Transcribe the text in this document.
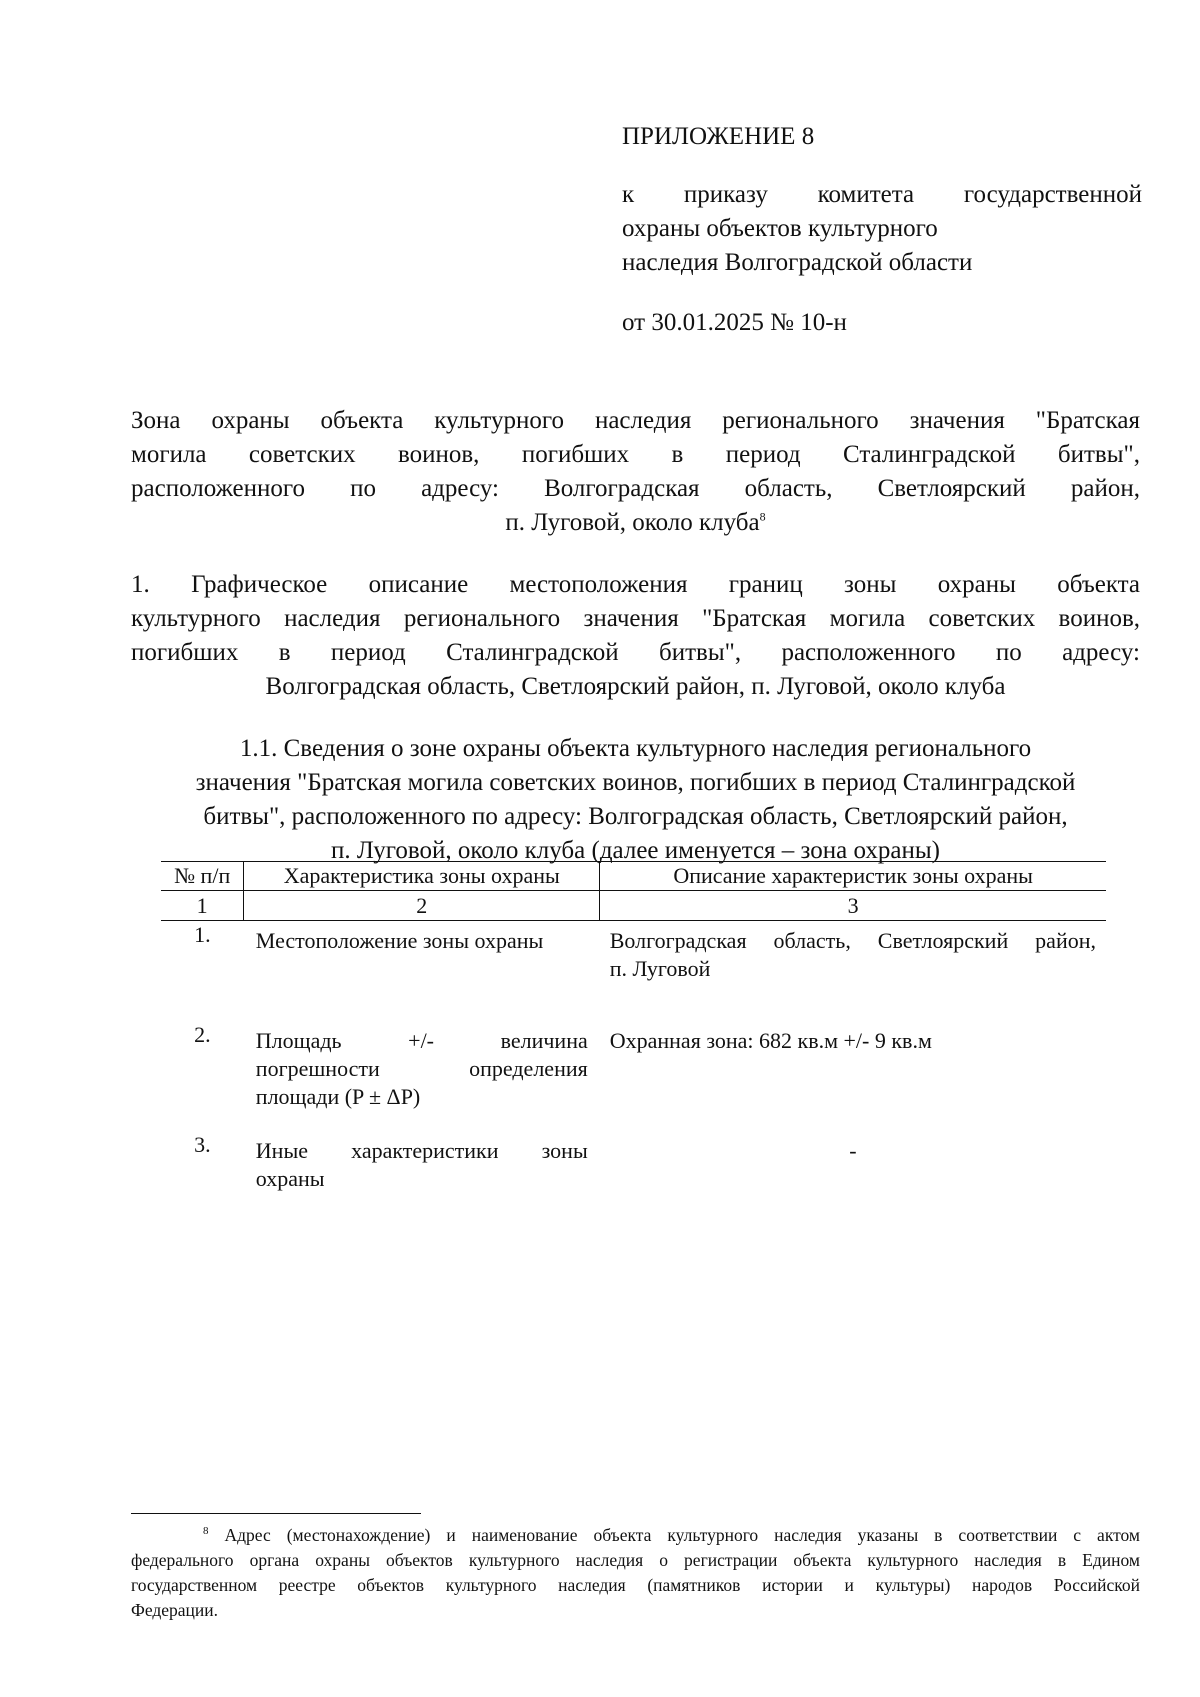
ПРИЛОЖЕНИЕ 8
к приказу комитета государственной
охраны объектов культурного
наследия Волгоградской области
от 30.01.2025 № 10-н
Зона охраны объекта культурного наследия регионального значения "Братская
могила советских воинов, погибших в период Сталинградской битвы",
расположенного по адресу: Волгоградская область, Светлоярский район,
п. Луговой, около клуба$^8$
1. Графическое описание местоположения границ зоны охраны объекта
культурного наследия регионального значения "Братская могила советских воинов,
погибших в период Сталинградской битвы", расположенного по адресу:
Волгоградская область, Светлоярский район, п. Луговой, около клуба
1.1. Сведения о зоне охраны объекта культурного наследия регионального
значения "Братская могила советских воинов, погибших в период Сталинградской
битвы", расположенного по адресу: Волгоградская область, Светлоярский район,
п. Луговой, около клуба (далее именуется – зона охраны)
№ п/п	Характеристика зоны охраны	Описание характеристик зоны охраны
1	2	3
1.	Местоположение зоны охраны	Волгоградская область, Светлоярский район,
п. Луговой

2.	Площадь +/- величина
погрешности определения
площади (P ± ΔP)	Охранная зона: 682 кв.м +/- 9 кв.м
3.	Иные характеристики зоны
охраны	-
$^8$ Адрес (местонахождение) и наименование объекта культурного наследия указаны в соответствии с актом
федерального органа охраны объектов культурного наследия о регистрации объекта культурного наследия в Едином
государственном реестре объектов культурного наследия (памятников истории и культуры) народов Российской
Федерации.
